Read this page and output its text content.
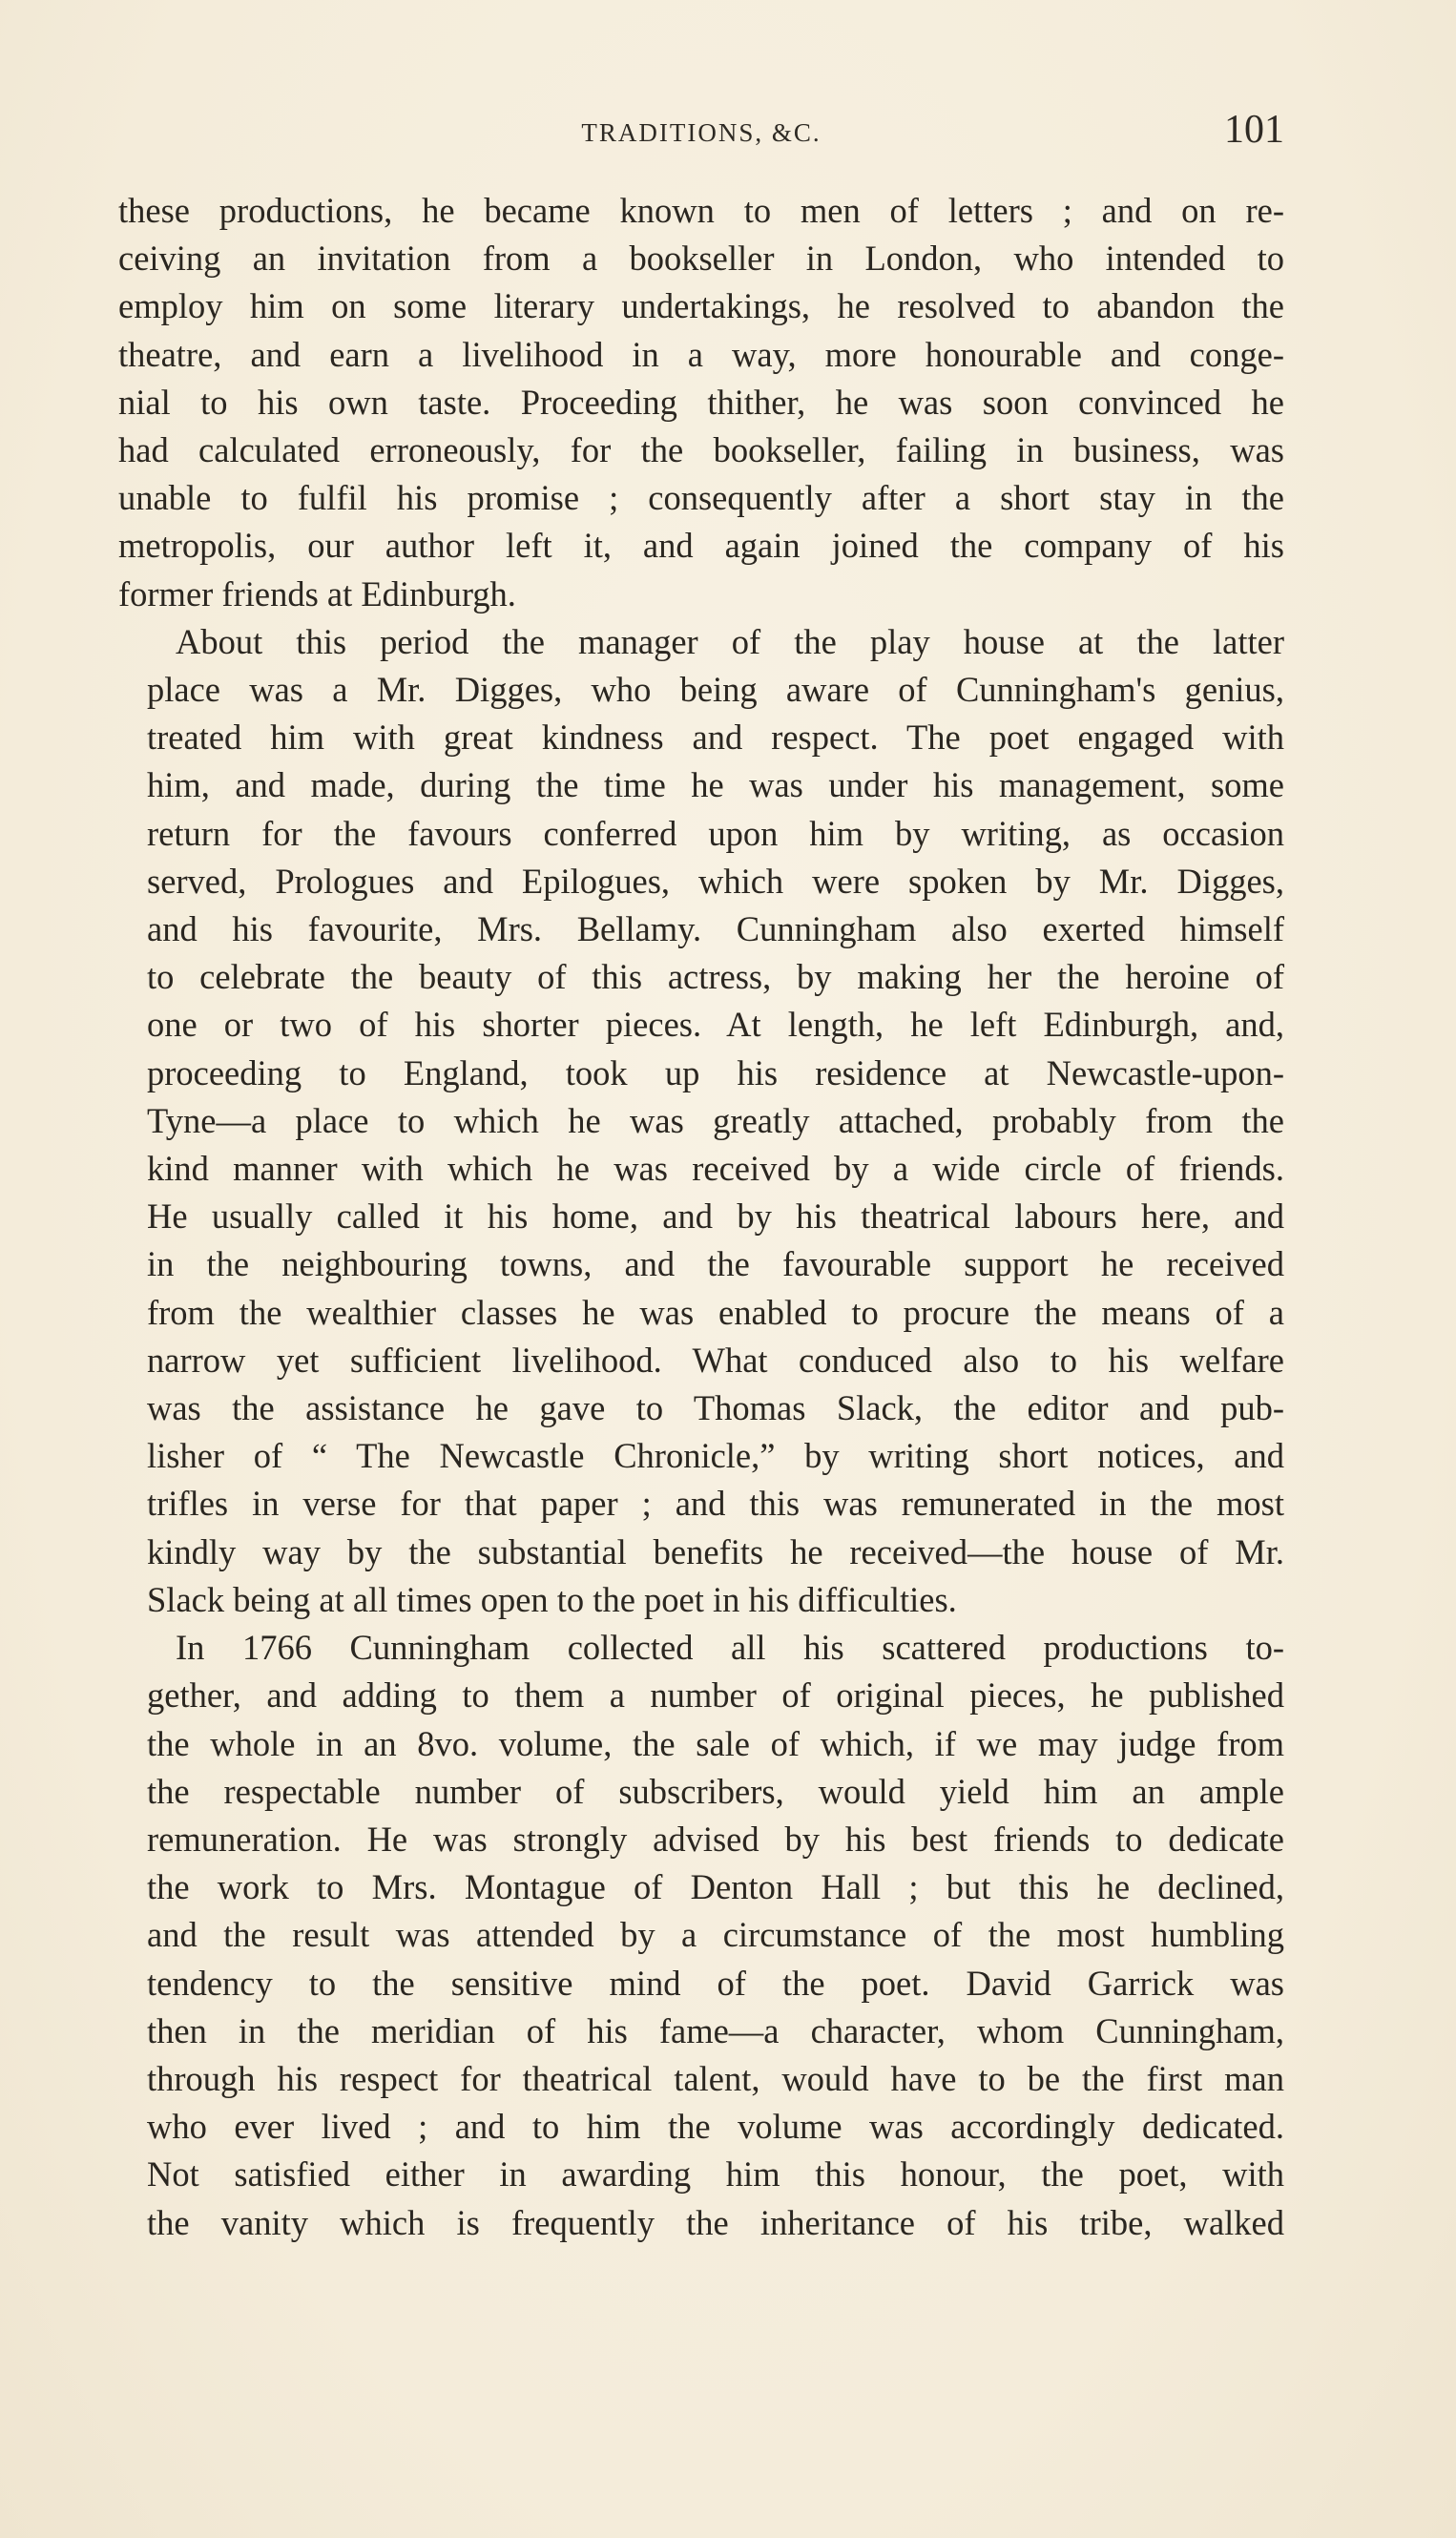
TRADITIONS, &C.	101
these productions, he became known to men of letters ; and on re-
ceiving an invitation from a bookseller in London, who intended to
employ him on some literary undertakings, he resolved to abandon the
theatre, and earn a livelihood in a way, more honourable and conge-
nial to his own taste. Proceeding thither, he was soon convinced he
had calculated erroneously, for the bookseller, failing in business, was
unable to fulfil his promise ; consequently after a short stay in the
metropolis, our author left it, and again joined the company of his
former friends at Edinburgh.
About this period the manager of the play house at the latter
place was a Mr. Digges, who being aware of Cunningham's genius,
treated him with great kindness and respect. The poet engaged with
him, and made, during the time he was under his management, some
return for the favours conferred upon him by writing, as occasion
served, Prologues and Epilogues, which were spoken by Mr. Digges,
and his favourite, Mrs. Bellamy. Cunningham also exerted himself
to celebrate the beauty of this actress, by making her the heroine of
one or two of his shorter pieces. At length, he left Edinburgh, and,
proceeding to England, took up his residence at Newcastle-upon-
Tyne—a place to which he was greatly attached, probably from the
kind manner with which he was received by a wide circle of friends.
He usually called it his home, and by his theatrical labours here, and
in the neighbouring towns, and the favourable support he received
from the wealthier classes he was enabled to procure the means of a
narrow yet sufficient livelihood. What conduced also to his welfare
was the assistance he gave to Thomas Slack, the editor and pub-
lisher of “ The Newcastle Chronicle,” by writing short notices, and
trifles in verse for that paper ; and this was remunerated in the most
kindly way by the substantial benefits he received—the house of Mr.
Slack being at all times open to the poet in his difficulties.
In 1766 Cunningham collected all his scattered productions to-
gether, and adding to them a number of original pieces, he published
the whole in an 8vo. volume, the sale of which, if we may judge from
the respectable number of subscribers, would yield him an ample
remuneration. He was strongly advised by his best friends to dedicate
the work to Mrs. Montague of Denton Hall ; but this he declined,
and the result was attended by a circumstance of the most humbling
tendency to the sensitive mind of the poet. David Garrick was
then in the meridian of his fame—a character, whom Cunningham,
through his respect for theatrical talent, would have to be the first man
who ever lived ; and to him the volume was accordingly dedicated.
Not satisfied either in awarding him this honour, the poet, with
the vanity which is frequently the inheritance of his tribe, walked
